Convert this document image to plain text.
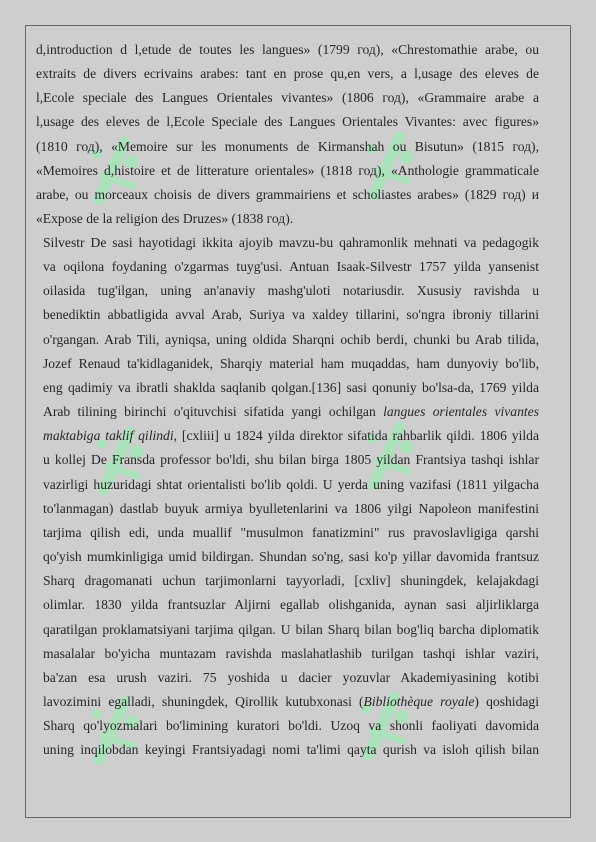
d,introduction d l,etude de toutes les langues» (1799 год), «Chrestomathie arabe, ou
extraits de divers ecrivains arabes: tant en prose qu,en vers, a l,usage des eleves de
l,Ecole speciale des Langues Orientales vivantes» (1806 год), «Grammaire arabe a
l,usage des eleves de l,Ecole Speciale des Langues Orientales Vivantes: avec figures»
(1810 год), «Memoire sur les monuments de Kirmanshah ou Bisutun» (1815 год),
«Memoires d,histoire et de litterature orientales» (1818 год), «Anthologie grammaticale
arabe, ou morceaux choisis de divers grammairiens et scholiastes arabes» (1829 год) и
«Expose de la religion des Druzes» (1838 год).
Silvestr De sasi hayotidagi ikkita ajoyib mavzu-bu qahramonlik mehnati va pedagogik
va oqilona foydaning o'zgarmas tuyg'usi. Antuan Isaak-Silvestr 1757 yilda yansenist
oilasida tug'ilgan, uning an'anaviy mashg'uloti notariusdir. Xususiy ravishda u
benediktin abbatligida avval Arab, Suriya va xaldey tillarini, so'ngra ibroniy tillarini
o'rgangan. Arab Tili, ayniqsa, uning oldida Sharqni ochib berdi, chunki bu Arab tilida,
Jozef Renaud ta'kidlaganidek, Sharqiy material ham muqaddas, ham dunyoviy bo'lib,
eng qadimiy va ibratli shaklda saqlanib qolgan.[136] sasi qonuniy bo'lsa-da, 1769 yilda
Arab tilining birinchi o'qituvchisi sifatida yangi ochilgan langues orientales vivantes
maktabiga taklif qilindi, [cxliii] u 1824 yilda direktor sifatida rahbarlik qildi. 1806 yilda
u kollej De Fransda professor bo'ldi, shu bilan birga 1805 yildan Frantsiya tashqi ishlar
vazirligi huzuridagi shtat orientalisti bo'lib qoldi. U yerda uning vazifasi (1811 yilgacha
to'lanmagan) dastlab buyuk armiya byulletenlarini va 1806 yilgi Napoleon manifestini
tarjima qilish edi, unda muallif "musulmon fanatizmini" rus pravoslavligiga qarshi
qo'yish mumkinligiga umid bildirgan. Shundan so'ng, sasi ko'p yillar davomida frantsuz
Sharq dragomanati uchun tarjimonlarni tayyorladi, [cxliv] shuningdek, kelajakdagi
olimlar. 1830 yilda frantsuzlar Aljirni egallab olishganida, aynan sasi aljirliklarga
qaratilgan proklamatsiyani tarjima qilgan. U bilan Sharq bilan bog'liq barcha diplomatik
masalalar bo'yicha muntazam ravishda maslahatlashib turilgan tashqi ishlar vaziri,
ba'zan esa urush vaziri. 75 yoshida u dacier yozuvlar Akademiyasining kotibi
lavozimini egalladi, shuningdek, Qirollik kutubxonasi (Bibliothèque royale) qoshidagi
Sharq qo'lyozmalari bo'limining kuratori bo'ldi. Uzoq va shonli faoliyati davomida
uning inqilobdan keyingi Frantsiyadagi nomi ta'limi qayta qurish va isloh qilish bilan
